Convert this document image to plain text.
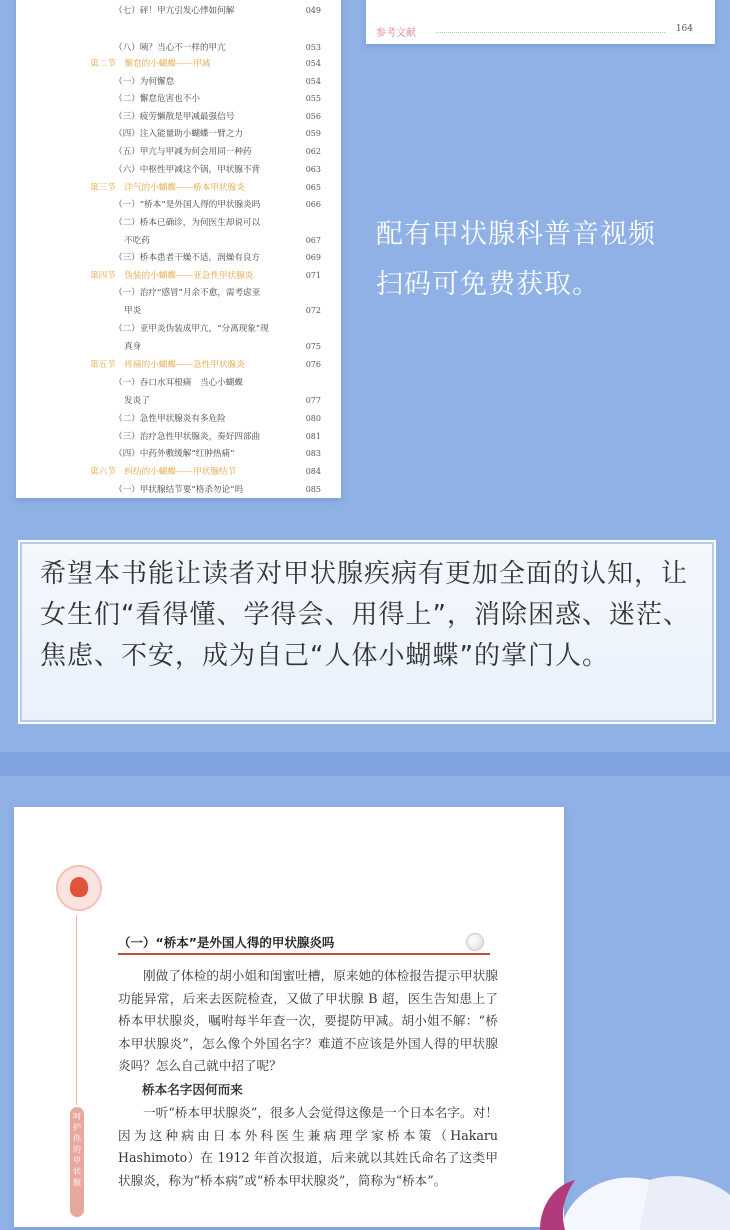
（七）砰！甲亢引发心悸如何解	049
（八）咦？当心不一样的甲亢	053
第二节　懈怠的小蝴蝶——甲减	054
（一）为何懈怠	054
（二）懈怠危害也不小	055
（三）疲劳懒散是甲减最强信号	056
（四）注入能量助小蝴蝶一臂之力	059
（五）甲亢与甲减为何会用同一种药	062
（六）中枢性甲减这个锅，甲状腺不背	063
第三节　洋气的小蝴蝶——桥本甲状腺炎	065
（一）“桥本”是外国人得的甲状腺炎吗	066
（二）桥本已确诊，为何医生却说可以
不吃药	067
（三）桥本患者干燥不适，润燥有良方	069
第四节　伪装的小蝴蝶——亚急性甲状腺炎	071
（一）治疗“感冒”月余不愈，需考虑亚
甲炎	072
（二）亚甲炎伪装成甲亢，“分离现象”现
真身	075
第五节　疼痛的小蝴蝶——急性甲状腺炎	076
（一）吞口水耳根痛　当心小蝴蝶
发炎了	077
（二）急性甲状腺炎有多危险	080
（三）治疗急性甲状腺炎，奏好四部曲	081
（四）中药外敷缓解“红肿热痛”	083
第六节　纠结的小蝴蝶——甲状腺结节	084
（一）甲状腺结节要“格杀勿论”吗	085
参考文献	164
配有甲状腺科普音视频
扫码可免费获取。
希望本书能让读者对甲状腺疾病有更加全面的认知，让女生们“看得懂、学得会、用得上”，消除困惑、迷茫、焦虑、不安，成为自己“人体小蝴蝶”的掌门人。
呵
护
你
的
甲
状
腺
（一）“桥本”是外国人得的甲状腺炎吗
刚做了体检的胡小姐和闺蜜吐槽，原来她的体检报告提示甲状腺功能异常，后来去医院检查，又做了甲状腺 B 超，医生告知患上了桥本甲状腺炎，嘱咐每半年查一次，要提防甲减。胡小姐不解：“桥本甲状腺炎”，怎么像个外国名字？难道不应该是外国人得的甲状腺炎吗？怎么自己就中招了呢？
桥本名字因何而来
一听“桥本甲状腺炎”，很多人会觉得这像是一个日本名字。对！因为这种病由日本外科医生兼病理学家桥本策（Hakaru Hashimoto）在 1912 年首次报道，后来就以其姓氏命名了这类甲状腺炎，称为“桥本病”或“桥本甲状腺炎”，简称为“桥本”。
